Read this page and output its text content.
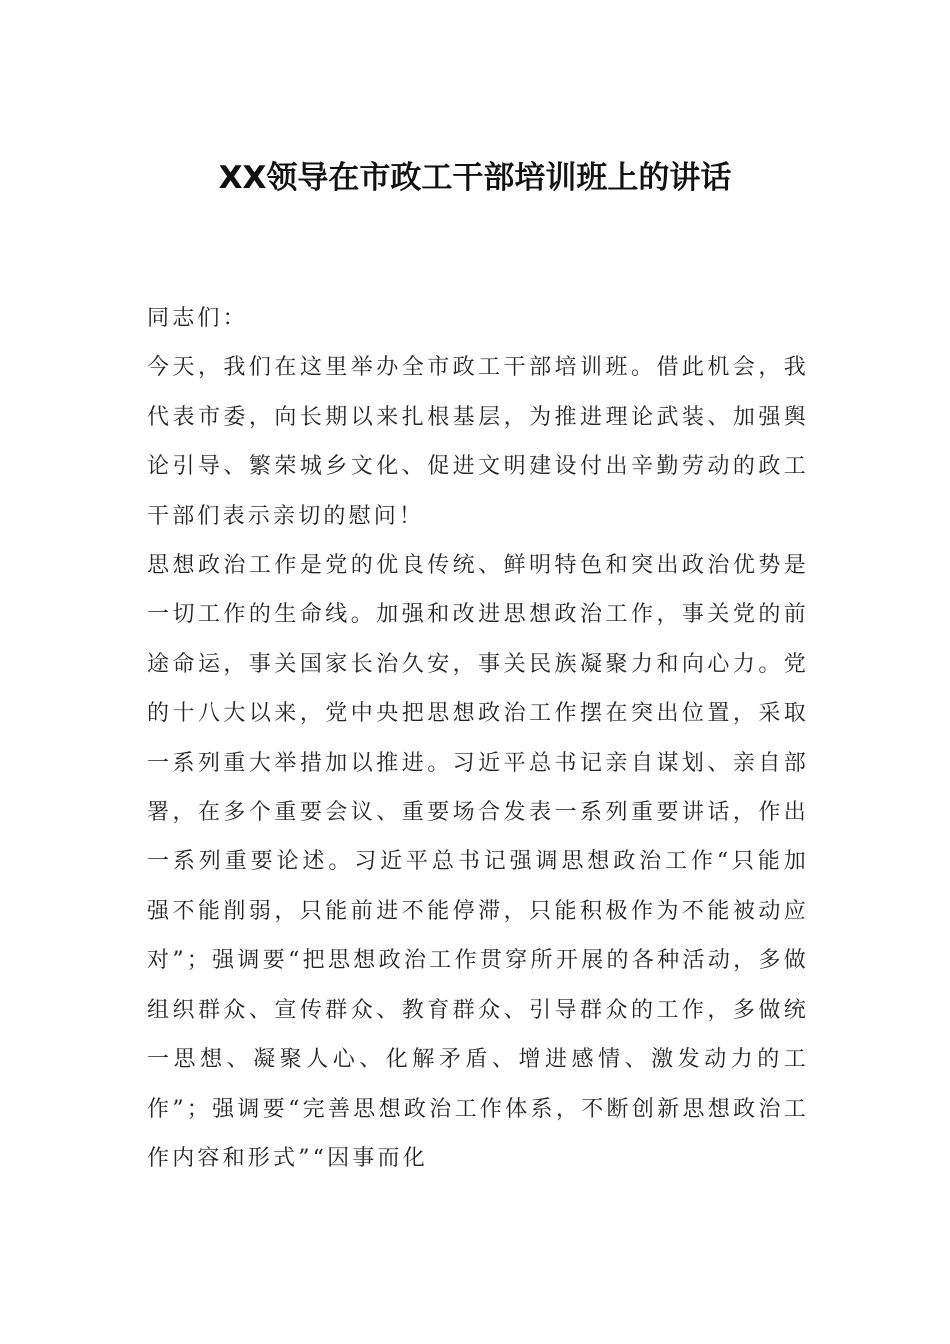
XX领导在市政工干部培训班上的讲话

同志们：

今天，我们在这里举办全市政工干部培训班。借此机会，我代表市委，向长期以来扎根基层，为推进理论武装、加强舆论引导、繁荣城乡文化、促进文明建设付出辛勤劳动的政工干部们表示亲切的慰问！

思想政治工作是党的优良传统、鲜明特色和突出政治优势是一切工作的生命线。加强和改进思想政治工作，事关党的前途命运，事关国家长治久安，事关民族凝聚力和向心力。党的十八大以来，党中央把思想政治工作摆在突出位置，采取一系列重大举措加以推进。习近平总书记亲自谋划、亲自部署，在多个重要会议、重要场合发表一系列重要讲话，作出一系列重要论述。习近平总书记强调思想政治工作“只能加强不能削弱，只能前进不能停滞，只能积极作为不能被动应对”；强调要“把思想政治工作贯穿所开展的各种活动，多做组织群众、宣传群众、教育群众、引导群众的工作，多做统一思想、凝聚人心、化解矛盾、增进感情、激发动力的工作”；强调要“完善思想政治工作体系，不断创新思想政治工作内容和形式”“因事而化
